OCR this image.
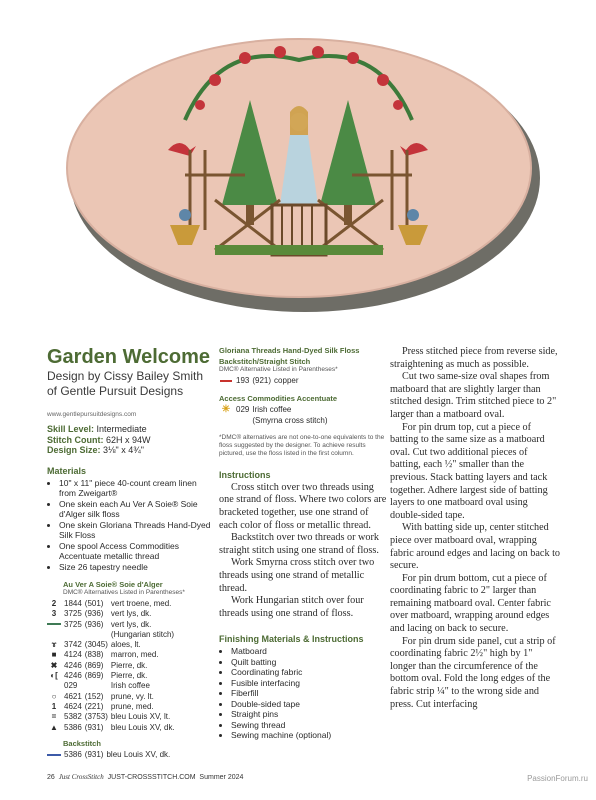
Garden Welcome
Design by Cissy Bailey Smith of Gentle Pursuit Designs
www.gentlepursuitdesigns.com
Skill Level: Intermediate
Stitch Count: 62H x 94W
Design Size: 3⅛" x 4¾"
Materials
• 10" x 11" piece 40-count cream linen from Zweigart®
• One skein each Au Ver A Soie® Soie d'Alger silk floss
• One skein Gloriana Threads Hand-Dyed Silk Floss
• One spool Access Commodities Accentuate metallic thread
• Size 26 tapestry needle
Au Ver A Soie® Soie d'Alger
DMC® Alternatives Listed in Parentheses*
2	1844	(501)	vert troene, med.
3	3725	(936)	vert lys, dk.
	3725	(936)	vert lys, dk.
			(Hungarian stitch)
ɤ	3742	(3045)	aloes, lt.
■	4124	(838)	marron, med.
✖	4246	(869)	Pierre, dk.
◐[	4246	(869)	Pierre, dk.
	029		Irish coffee
○	4621	(152)	prune, vy. lt.
1	4624	(221)	prune, med.
=	5382	(3753)	bleu Louis XV, lt.
▲	5386	(931)	bleu Louis XV, dk.
Backstitch
	5386	(931)	bleu Louis XV, dk.
Gloriana Threads Hand-Dyed Silk Floss
Backstitch/Straight Stitch
DMC® Alternative Listed in Parentheses*
	193	(921)	copper
Access Commodities Accentuate
✳	029	Irish coffee
		(Smyrna cross stitch)
*DMC® alternatives are not one-to-one equivalents to the floss suggested by the designer. To achieve results pictured, use the floss listed in the first column.
Instructions

Cross stitch over two threads using one strand of floss. Where two colors are bracketed together, use one strand of each color of floss or metallic thread.

Backstitch over two threads or work straight stitch using one strand of floss.

Work Smyrna cross stitch over two threads using one strand of metallic thread.

Work Hungarian stitch over four threads using one strand of floss.

Finishing Materials & Instructions
• Matboard
• Quilt batting
• Coordinating fabric
• Fusible interfacing
• Fiberfill
• Double-sided tape
• Straight pins
• Sewing thread
• Sewing machine (optional)

Press stitched piece from reverse side, straightening as much as possible.

Cut two same-size oval shapes from matboard that are slightly larger than stitched design. Trim stitched piece to 2" larger than a matboard oval.

For pin drum top, cut a piece of batting to the same size as a matboard oval. Cut two additional pieces of batting, each ½" smaller than the previous. Stack batting layers and tack together. Adhere largest side of batting layers to one matboard oval using double-sided tape.

With batting side up, center stitched piece over matboard oval, wrapping fabric around edges and lacing on back to secure.

For pin drum bottom, cut a piece of coordinating fabric to 2" larger than remaining matboard oval. Center fabric over matboard, wrapping around edges and lacing on back to secure.

For pin drum side panel, cut a strip of coordinating fabric 2½" high by 1" longer than the circumference of the bottom oval. Fold the long edges of the fabric strip ¼" to the wrong side and press. Cut interfacing

26 Just CrossStitch JUST-CROSSSTITCH.COM Summer 2024	PassionForum.ru
